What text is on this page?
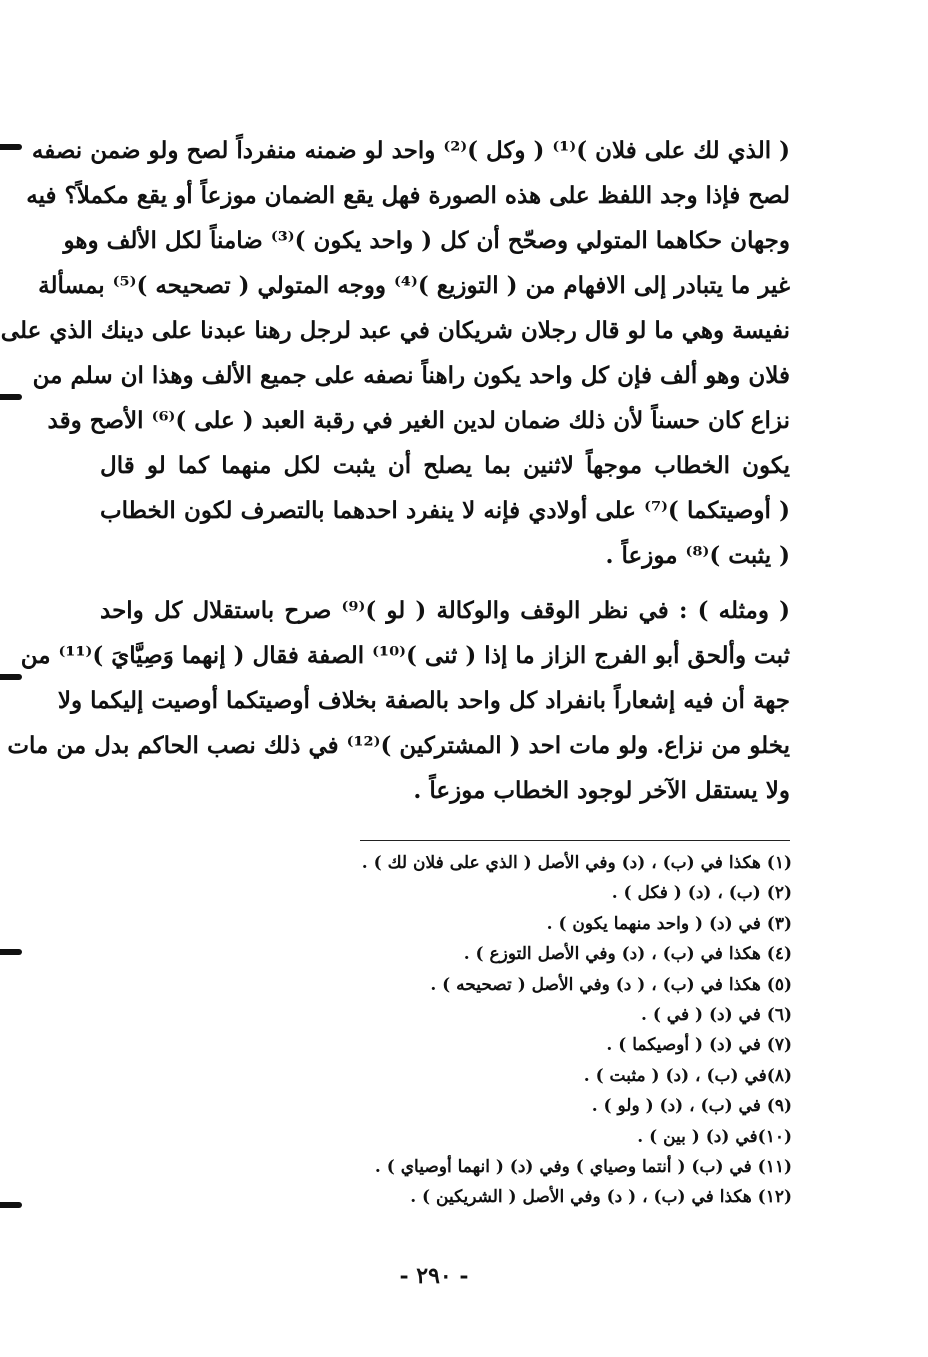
( الذي لك على فلان )⁽¹⁾ ( وكل )⁽²⁾ واحد لو ضمنه منفرداً لصح ولو ضمن نصفه
لصح فإذا وجد اللفظ على هذه الصورة فهل يقع الضمان موزعاً أو يقع مكملاً؟ فيه
وجهان حكاهما المتولي وصحّح أن كل ( واحد يكون )⁽³⁾ ضامناً لكل الألف وهو
غير ما يتبادر إلى الافهام من ( التوزيع )⁽⁴⁾ ووجه المتولي ( تصحيحه )⁽⁵⁾ بمسألة
نفيسة وهي ما لو قال رجلان شريكان في عبد لرجل رهنا عبدنا على دينك الذي على
فلان وهو ألف فإن كل واحد يكون راهناً نصفه على جميع الألف وهذا ان سلم من
نزاع كان حسناً لأن ذلك ضمان لدين الغير في رقبة العبد ( على )⁽⁶⁾ الأصح وقد
يكون الخطاب موجهاً لاثنين بما يصلح أن يثبت لكل منهما كما لو قال
( أوصيتكما )⁽⁷⁾ على أولادي فإنه لا ينفرد احدهما بالتصرف لكون الخطاب
( يثبت )⁽⁸⁾ موزعاً .
( ومثله ) : في نظر الوقف والوكالة ( لو )⁽⁹⁾ صرح باستقلال كل واحد
ثبت وألحق أبو الفرج الزاز ما إذا ( ثنى )⁽¹⁰⁾ الصفة فقال ( إنهما وَصِيَّايَ )⁽¹¹⁾ من
جهة أن فيه إشعاراً بانفراد كل واحد بالصفة بخلاف أوصيتكما أوصيت إليكما ولا
يخلو من نزاع. ولو مات احد ( المشتركين )⁽¹²⁾ في ذلك نصب الحاكم بدل من مات
ولا يستقل الآخر لوجود الخطاب موزعاً .
(١) هكذا في (ب) ، (د) وفي الأصل ( الذي على فلان لك ) .
(٢) (ب) ، (د) ( فكل ) .
(٣) في (د) ( واحد منهما يكون ) .
(٤) هكذا في (ب) ، (د) وفي الأصل التوزع ) .
(٥) هكذا في (ب) ، ( د) وفي الأصل ( تصحيحه ) .
(٦) في (د) ( في ) .
(٧) في (د) ( أوصيكما ) .
(٨)في (ب) ، (د) ( مثبت ) .
(٩) في (ب) ، (د) ( ولو ) .
(١٠)في (د) ( بين ) .
(١١) في (ب) ( أنتما وصياي ) وفي (د) ( انهما أوصياي ) .
(١٢) هكذا في (ب) ، ( د) وفي الأصل ( الشريكين ) .
- ٢٩٠ -
